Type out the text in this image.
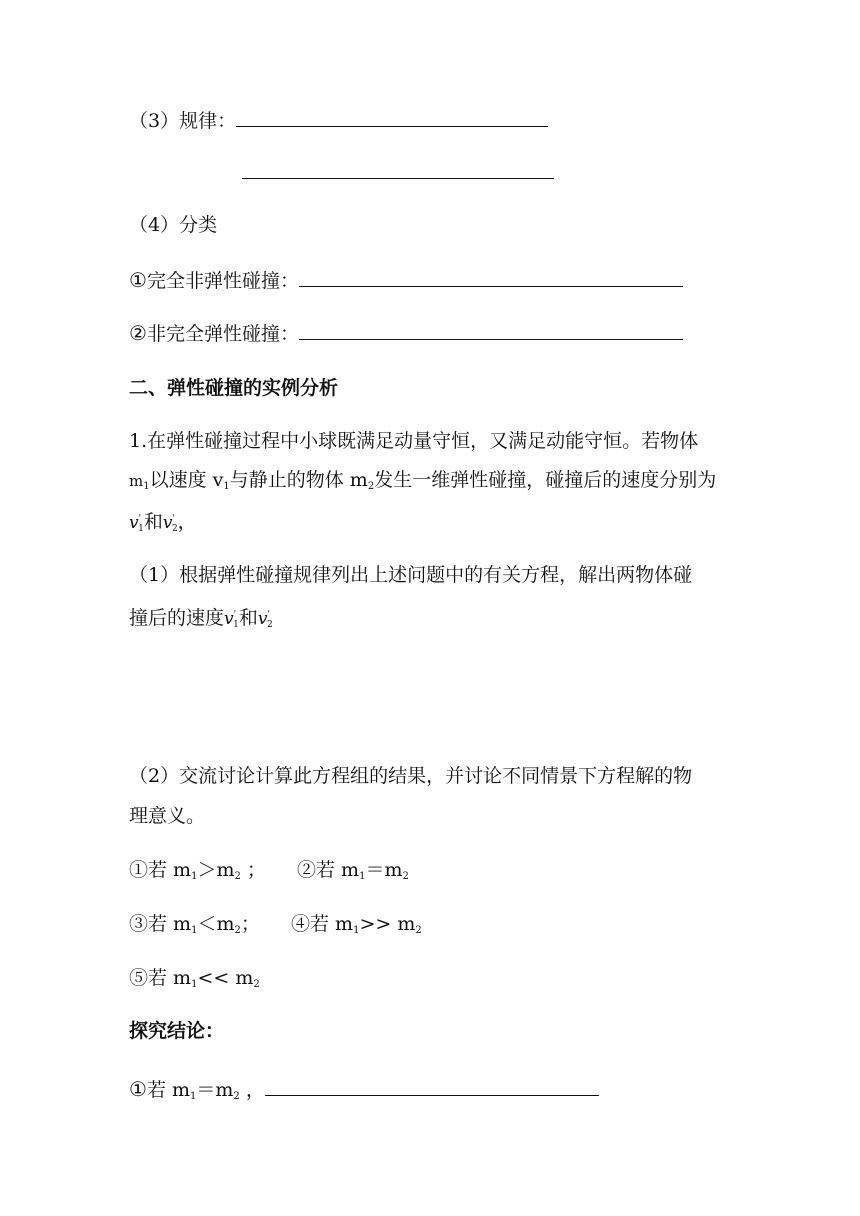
（3）规律：
（4）分类
①完全非弹性碰撞：
②非完全弹性碰撞：
二、弹性碰撞的实例分析
1.在弹性碰撞过程中小球既满足动量守恒，又满足动能守恒。若物体
$m_1$以速度 $v_1$与静止的物体 $m_2$发生一维弹性碰撞，碰撞后的速度分别为
v'1和v'2，
（1）根据弹性碰撞规律列出上述问题中的有关方程，解出两物体碰
撞后的速度v'1和v'2
（2）交流讨论计算此方程组的结果，并讨论不同情景下方程解的物
理意义。
①若 $m_1>m_2$ ； ②若 $m_1=m_2$
③若 $m_1<m_2$； ④若 $m_1>> m_2$
⑤若 $m_1<< m_2$
探究结论：
①若 $m_1=m_2$ ，
